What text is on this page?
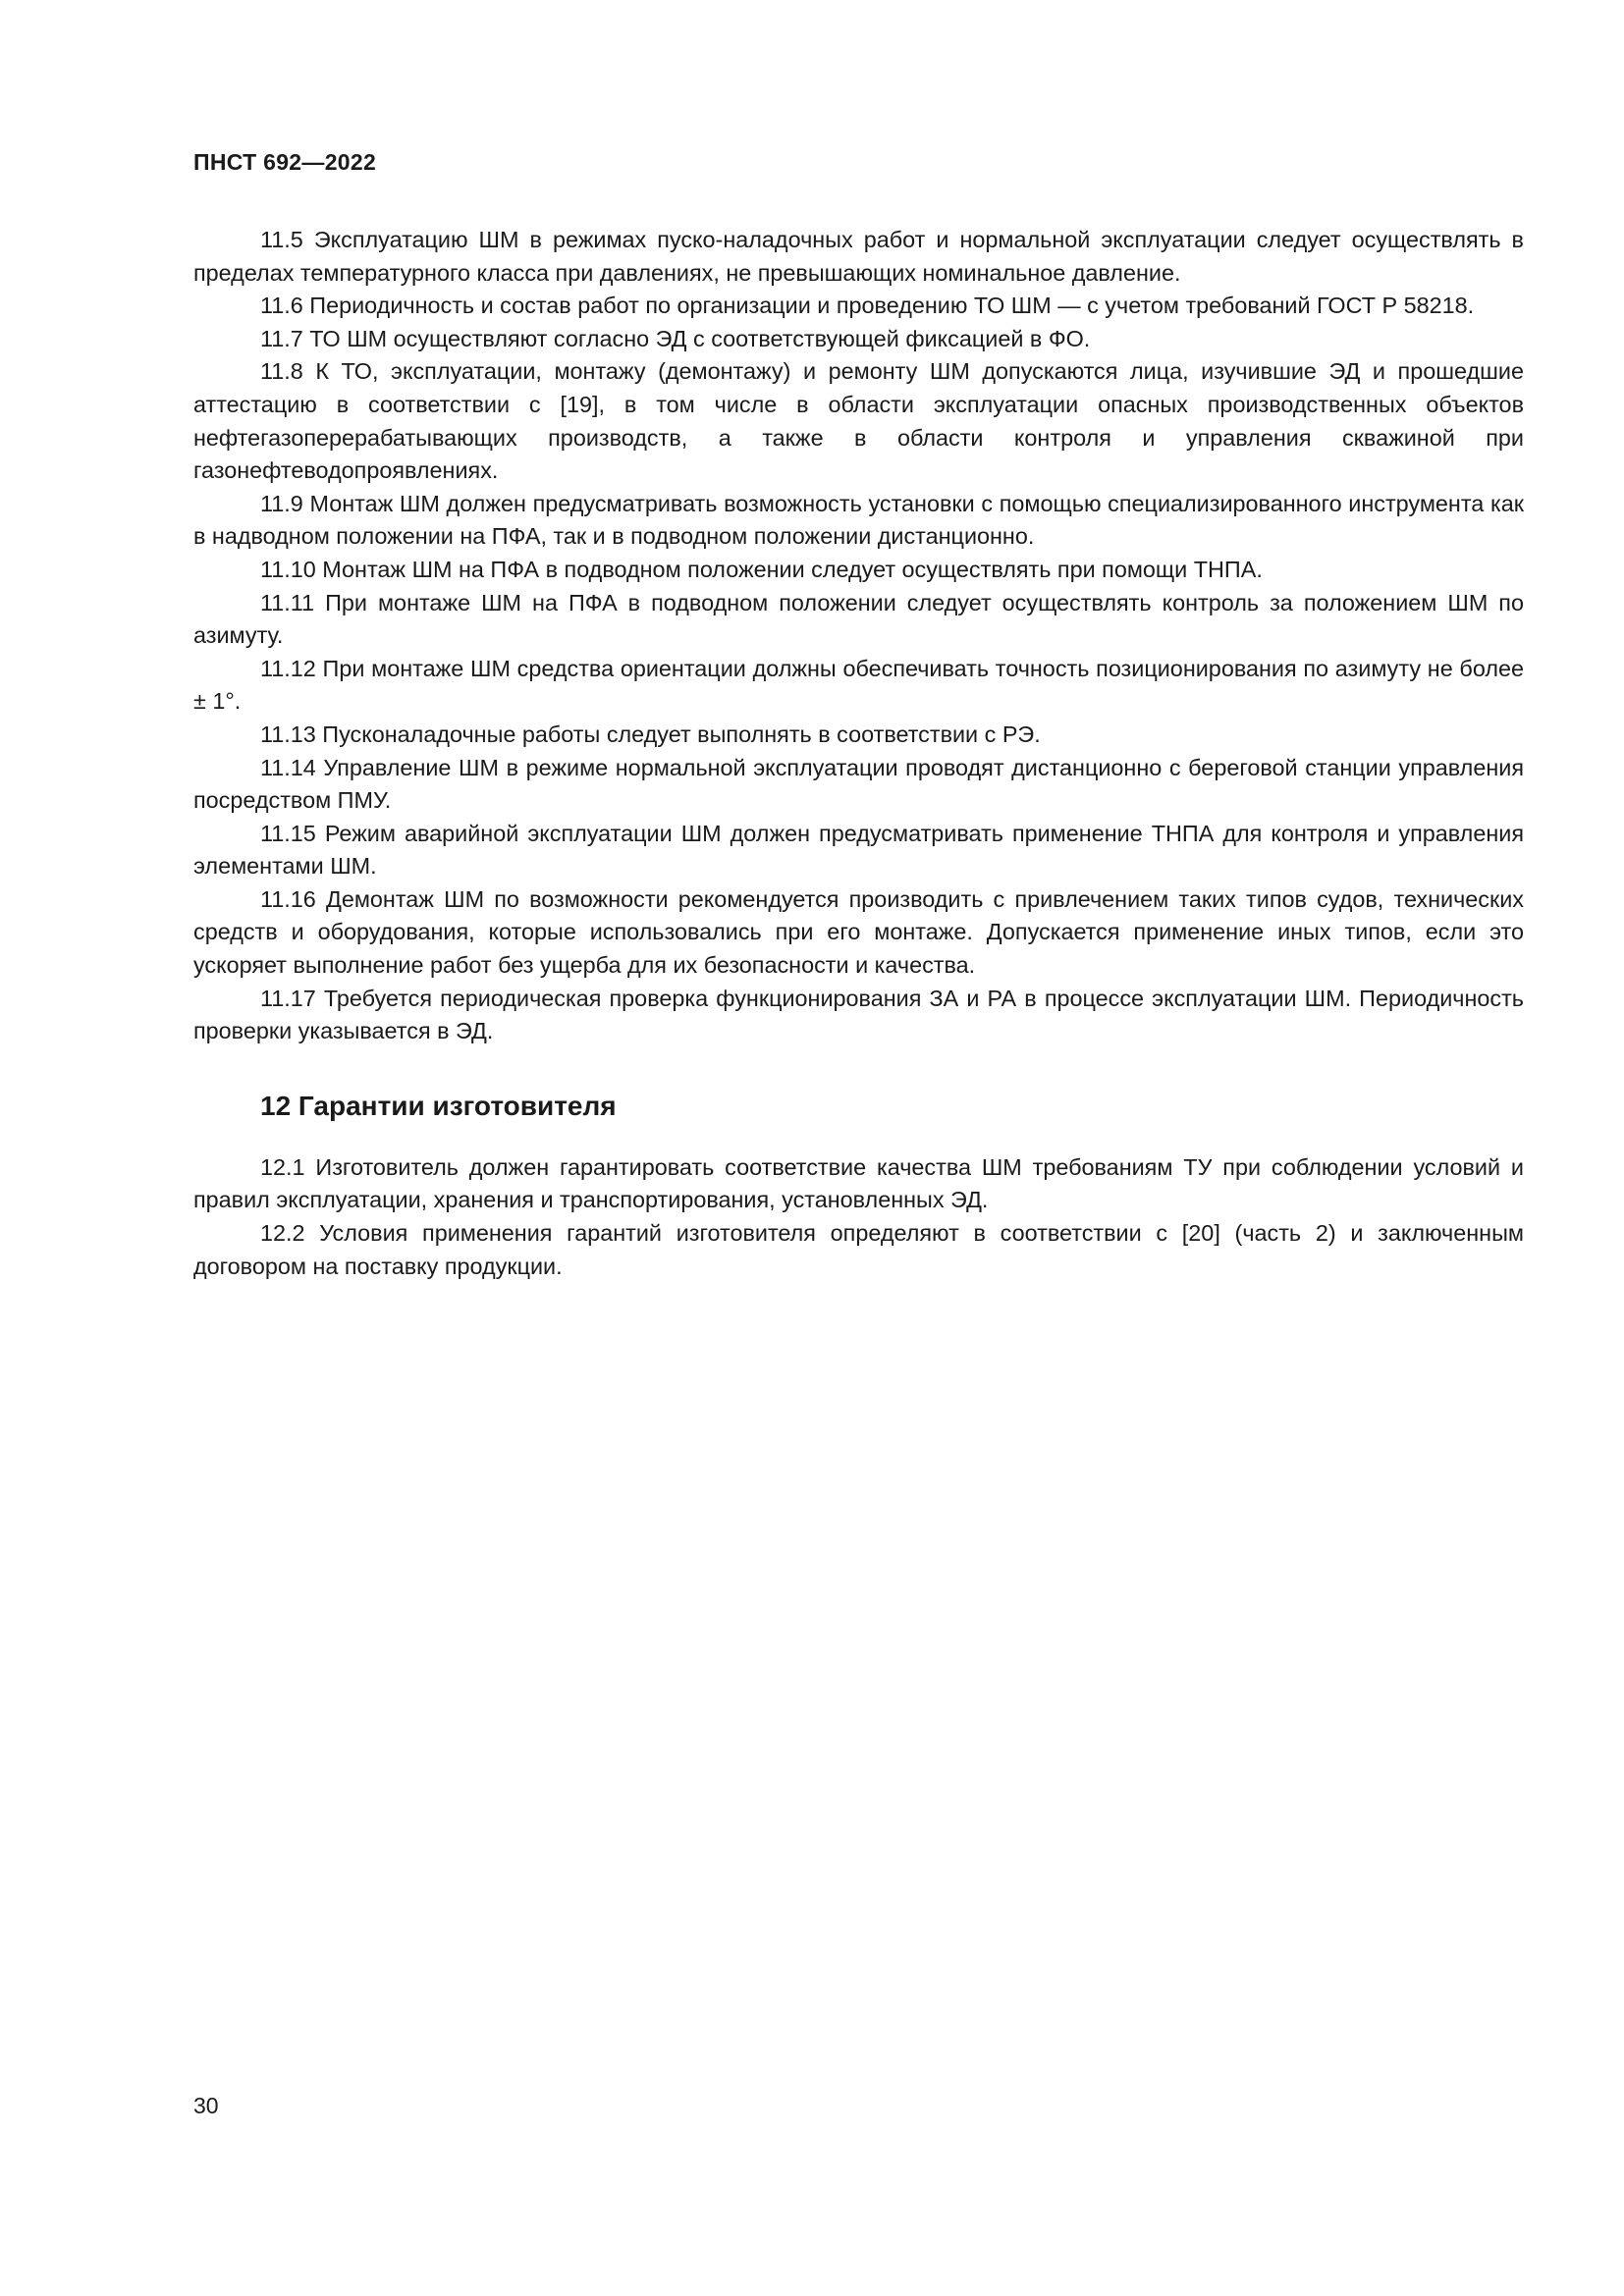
ПНСТ 692—2022

11.5 Эксплуатацию ШМ в режимах пуско-наладочных работ и нормальной эксплуатации следует осуществлять в пределах температурного класса при давлениях, не превышающих номинальное давление.

11.6 Периодичность и состав работ по организации и проведению ТО ШМ — с учетом требований ГОСТ Р 58218.

11.7 ТО ШМ осуществляют согласно ЭД с соответствующей фиксацией в ФО.

11.8 К ТО, эксплуатации, монтажу (демонтажу) и ремонту ШМ допускаются лица, изучившие ЭД и прошедшие аттестацию в соответствии с [19], в том числе в области эксплуатации опасных производственных объектов нефтегазоперерабатывающих производств, а также в области контроля и управления скважиной при газонефтеводопроявлениях.

11.9 Монтаж ШМ должен предусматривать возможность установки с помощью специализированного инструмента как в надводном положении на ПФА, так и в подводном положении дистанционно.

11.10 Монтаж ШМ на ПФА в подводном положении следует осуществлять при помощи ТНПА.

11.11 При монтаже ШМ на ПФА в подводном положении следует осуществлять контроль за положением ШМ по азимуту.

11.12 При монтаже ШМ средства ориентации должны обеспечивать точность позиционирования по азимуту не более ± 1°.

11.13 Пусконаладочные работы следует выполнять в соответствии с РЭ.

11.14 Управление ШМ в режиме нормальной эксплуатации проводят дистанционно с береговой станции управления посредством ПМУ.

11.15 Режим аварийной эксплуатации ШМ должен предусматривать применение ТНПА для контроля и управления элементами ШМ.

11.16 Демонтаж ШМ по возможности рекомендуется производить с привлечением таких типов судов, технических средств и оборудования, которые использовались при его монтаже. Допускается применение иных типов, если это ускоряет выполнение работ без ущерба для их безопасности и качества.

11.17 Требуется периодическая проверка функционирования ЗА и РА в процессе эксплуатации ШМ. Периодичность проверки указывается в ЭД.

12 Гарантии изготовителя

12.1 Изготовитель должен гарантировать соответствие качества ШМ требованиям ТУ при соблюдении условий и правил эксплуатации, хранения и транспортирования, установленных ЭД.

12.2 Условия применения гарантий изготовителя определяют в соответствии с [20] (часть 2) и заключенным договором на поставку продукции.

30
